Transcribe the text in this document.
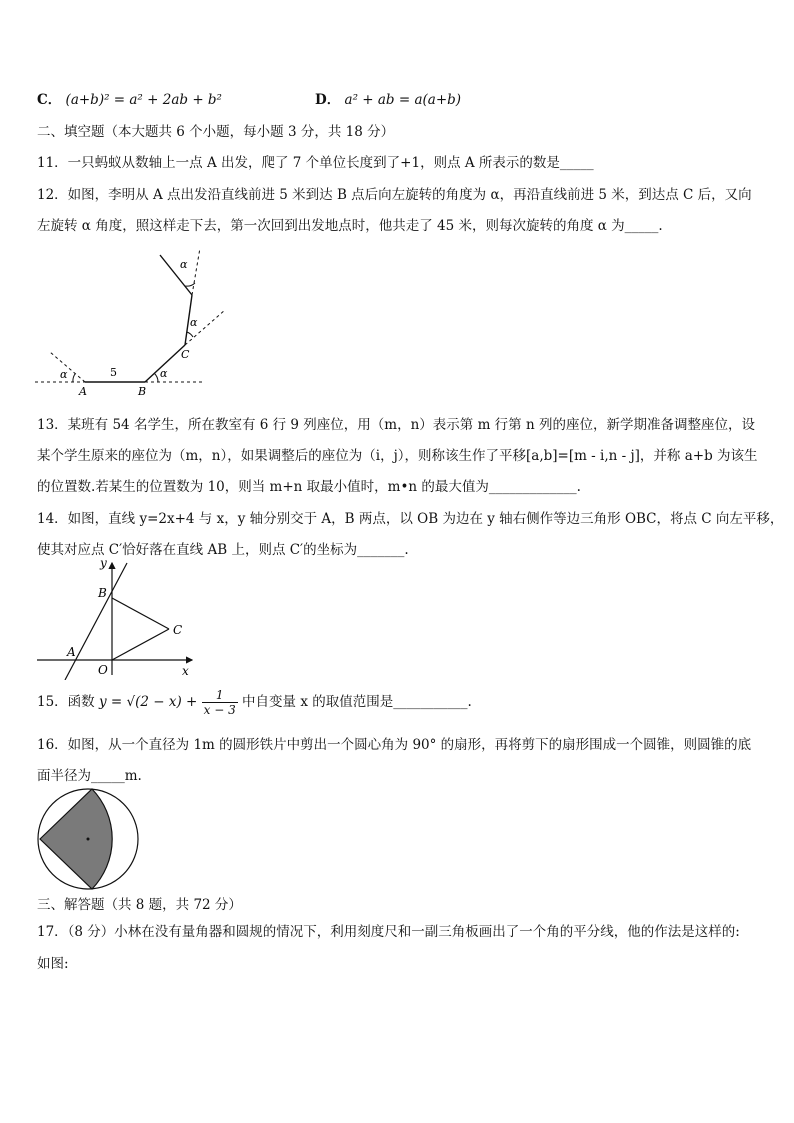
C． (a+b)² = a² + 2ab + b²	D． a² + ab = a(a+b)
二、填空题（本大题共 6 个小题，每小题 3 分，共 18 分）
11．一只蚂蚁从数轴上一点 A 出发，爬了 7 个单位长度到了+1，则点 A 所表示的数是_____
12．如图，李明从 A 点出发沿直线前进 5 米到达 B 点后向左旋转的角度为 α，再沿直线前进 5 米，到达点 C 后，又向
左旋转 α 角度，照这样走下去，第一次回到出发地点时，他共走了 45 米，则每次旋转的角度 α 为_____.
α	α
α
α
5
A	B
C
13．某班有 54 名学生，所在教室有 6 行 9 列座位，用（m，n）表示第 m 行第 n 列的座位，新学期准备调整座位，设
某个学生原来的座位为（m，n），如果调整后的座位为（i，j），则称该生作了平移[a,b]=[m - i,n - j]，并称 a+b 为该生
的位置数.若某生的位置数为 10，则当 m+n 取最小值时，m•n 的最大值为_____________.
14．如图，直线 y=2x+4 与 x，y 轴分别交于 A，B 两点，以 OB 为边在 y 轴右侧作等边三角形 OBC，将点 C 向左平移，
使其对应点 C′恰好落在直线 AB 上，则点 C′的坐标为_______.
y
x
B
C
A
O
15．函数 $y = √(2 - x) + \frac{1}{x - 3}$ 中自变量 x 的取值范围是___________.
16．如图，从一个直径为 1m 的圆形铁片中剪出一个圆心角为 90° 的扇形，再将剪下的扇形围成一个圆锥，则圆锥的底
面半径为_____m.
三、解答题（共 8 题，共 72 分）
17．（8 分）小林在没有量角器和圆规的情况下，利用刻度尺和一副三角板画出了一个角的平分线，他的作法是这样的:
如图:
